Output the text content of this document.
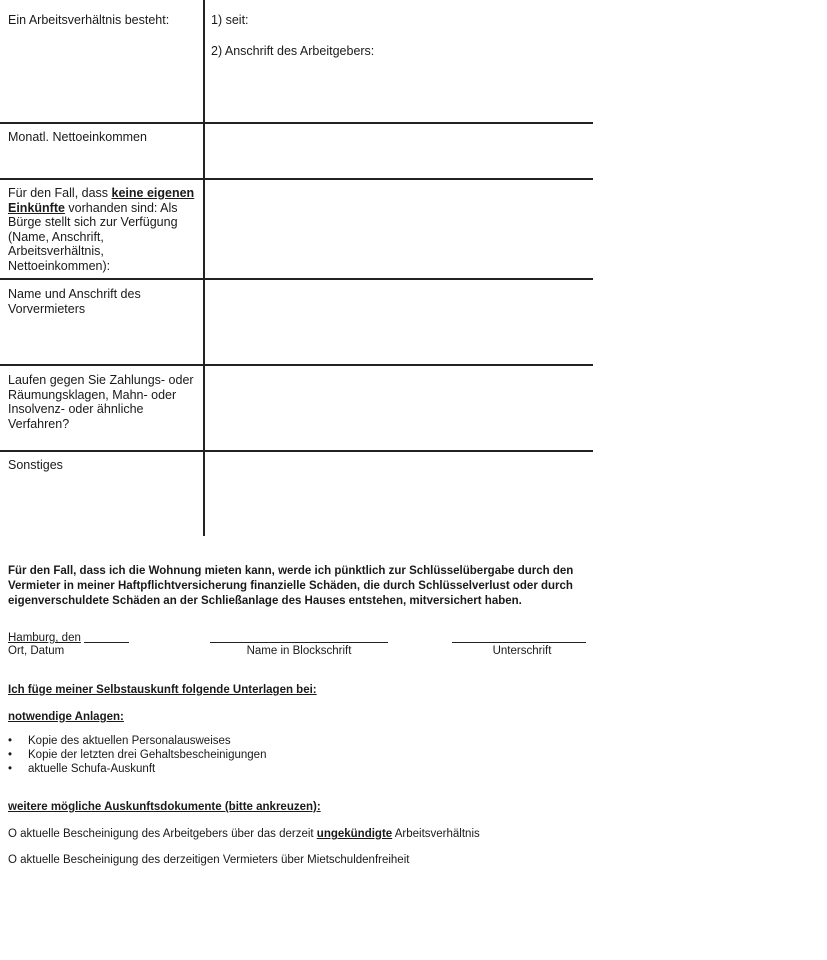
Ein Arbeitsverhältnis besteht:	1) seit:
2) Anschrift des Arbeitgebers:
Monatl. Nettoeinkommen
Für den Fall, dass keine eigenen Einkünfte vorhanden sind: Als Bürge stellt sich zur Verfügung (Name, Anschrift, Arbeitsverhältnis, Nettoeinkommen):
Name und Anschrift des Vorvermieters
Laufen gegen Sie Zahlungs- oder Räumungsklagen, Mahn- oder Insolvenz- oder ähnliche Verfahren?
Sonstiges
Für den Fall, dass ich die Wohnung mieten kann, werde ich pünktlich zur Schlüsselübergabe durch den Vermieter in meiner Haftpflichtversicherung finanzielle Schäden, die durch Schlüsselverlust oder durch eigenverschuldete Schäden an der Schließanlage des Hauses entstehen, mitversichert haben.
Hamburg, den
Ort, Datum	Name in Blockschrift	Unterschrift
Ich füge meiner Selbstauskunft folgende Unterlagen bei:
notwendige Anlagen:
• Kopie des aktuellen Personalausweises
• Kopie der letzten drei Gehaltsbescheinigungen
• aktuelle Schufa-Auskunft
weitere mögliche Auskunftsdokumente (bitte ankreuzen):
O aktuelle Bescheinigung des Arbeitgebers über das derzeit ungekündigte Arbeitsverhältnis
O aktuelle Bescheinigung des derzeitigen Vermieters über Mietschuldenfreiheit
